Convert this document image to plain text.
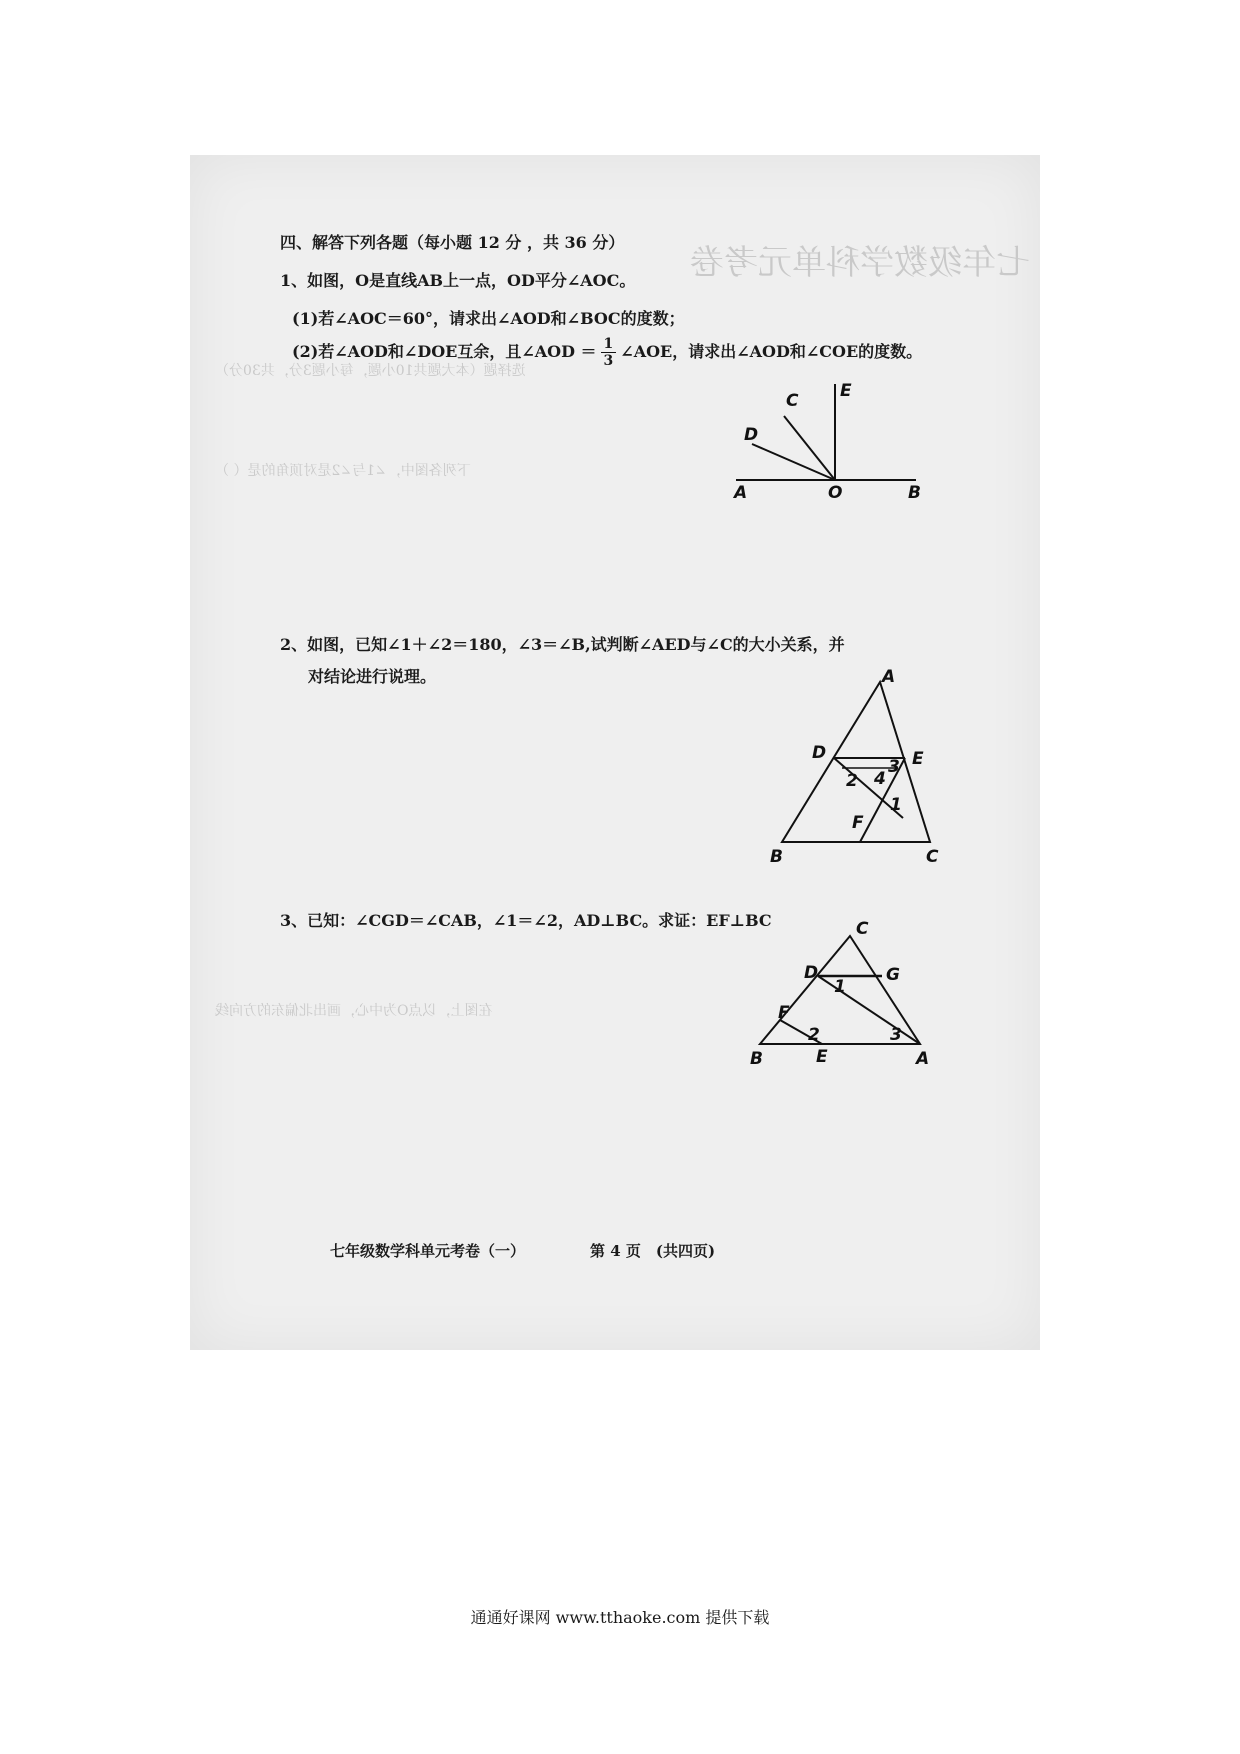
七年级数学科单元考卷
选择题（本大题共10小题，每小题3分，共30分）
下列各图中，∠1与∠2是对顶角的是（ ）
在图上，以点O为中心，画出北偏东的方向线
四、解答下列各题（每小题 12 分 ，共 36 分）
1、如图，O是直线AB上一点，OD平分∠AOC。
(1)若∠AOC＝60°，请求出∠AOD和∠BOC的度数；
(2)若∠AOD和∠DOE互余，且∠AOD ＝ $\frac{1}{3}$ ∠AOE，请求出∠AOD和∠COE的度数。
A	O	B
C
D
E
2、如图，已知∠1＋∠2＝180，∠3＝∠B,试判断∠AED与∠C的大小关系，并
对结论进行说理。
D	E
A
B	C
F
1
2
3
4
3、已知：∠CGD＝∠CAB，∠1＝∠2，AD⊥BC。求证：EF⊥BC	C
D	G
F
B	E	A
1
2	3
七年级数学科单元考卷（一）	第 4 页　(共四页)
通通好课网 www.tthaoke.com 提供下载
